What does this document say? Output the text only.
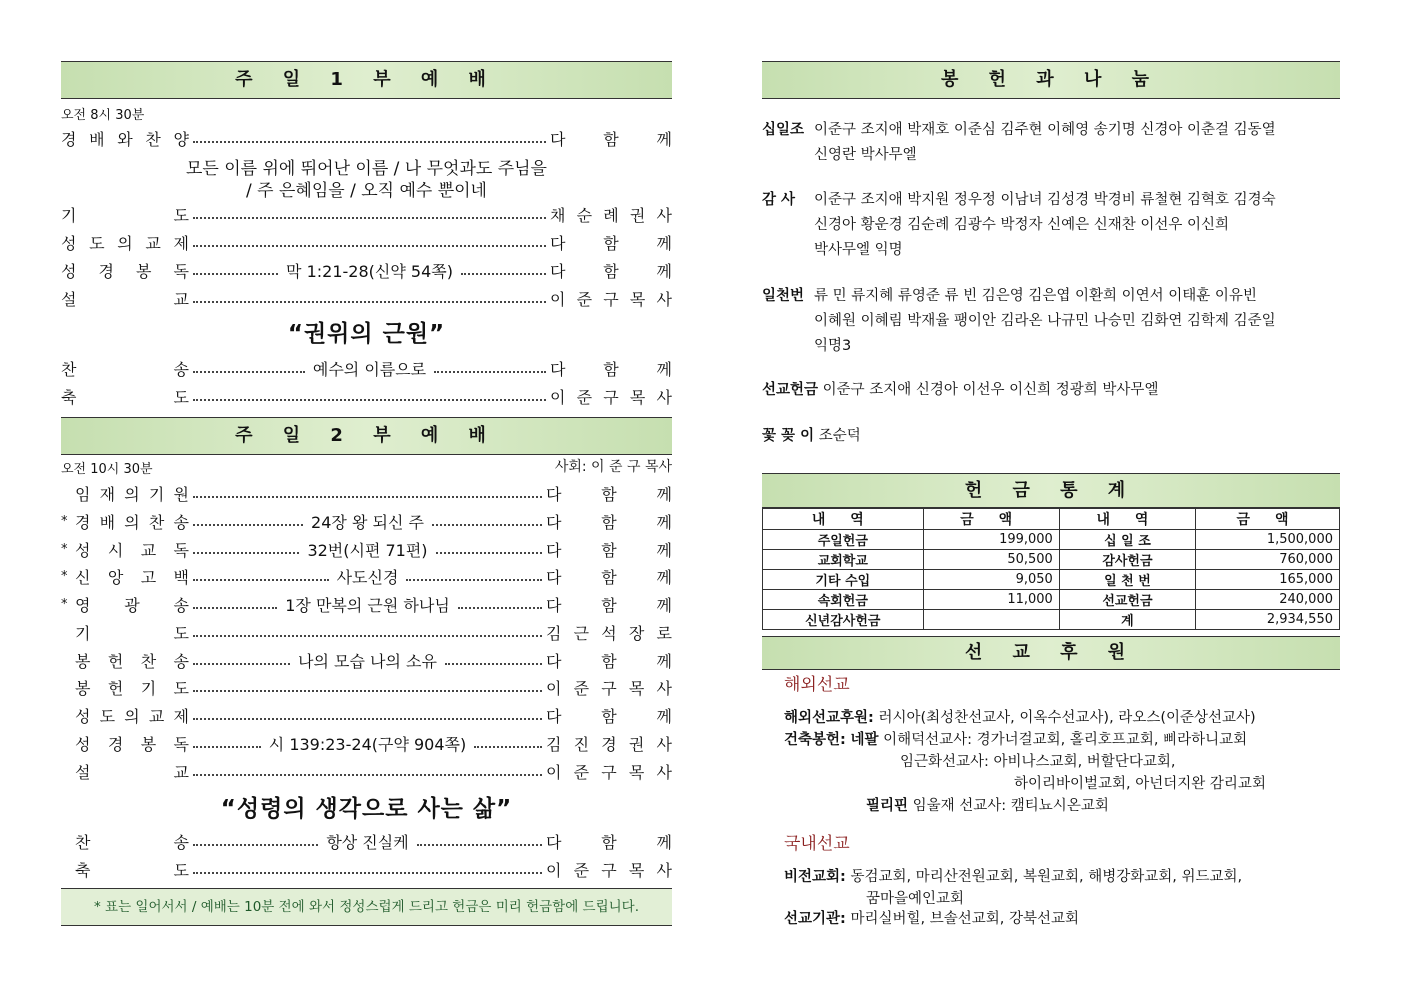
주 일 1 부 예 배
오전 8시 30분
경 배 와 찬 양	다 함 께
기	도	채 순 례 권 사
성 도 의 교 제	다 함 께
성 경 봉 독	막 1:21-28(신약 54쪽)	다 함 께
설	교	이 준 구 목 사
찬	송	예수의 이름으로	다 함 께
축	도	이 준 구 목 사
모든 이름 위에 뛰어난 이름 / 나 무엇과도 주님을
/ 주 은혜임을 / 오직 예수 뿐이네
“권위의 근원”
주 일 2 부 예 배
오전 10시 30분	사회: 이 준 구 목사
임 재 의 기 원	다 함 께
* 경 배 의 찬 송	24장 왕 되신 주	다 함 께
* 성 시 교 독	32번(시편 71편)	다 함 께
* 신 앙 고 백	사도신경	다 함 께
* 영 광 송	1장 만복의 근원 하나님	다 함 께
기	도	김 근 석 장 로
봉 헌 찬 송	나의 모습 나의 소유	다 함 께
봉 헌 기 도	이 준 구 목 사
성 도 의 교 제	다 함 께
성 경 봉 독	시 139:23-24(구약 904쪽)	김 진 경 권 사
설	교	이 준 구 목 사
찬	송	항상 진실케	다 함 께
축	도	이 준 구 목 사
“성령의 생각으로 사는 삶”
* 표는 일어서서 / 예배는 10분 전에 와서 정성스럽게 드리고 헌금은 미리 헌금함에 드립니다.
봉 헌 과 나 눔
십일조 이준구 조지애 박재호 이준심 김주현 이혜영 송기명 신경아 이춘걸 김동열
신영란 박사무엘
감 사 이준구 조지애 박지원 정우정 이남녀 김성경 박경비 류철현 김혁호 김경숙
신경아 황운경 김순례 김광수 박정자 신예은 신재찬 이선우 이신희
박사무엘 익명
일천번 류 민 류지혜 류영준 류 빈 김은영 김은엽 이환희 이연서 이태훈 이유빈
이혜원 이혜림 박재율 팽이안 김라온 나규민 나승민 김화연 김학제 김준일
익명3
선교헌금 이준구 조지애 신경아 이선우 이신희 정광희 박사무엘
꽃 꽂 이 조순덕
헌 금 통 계
내 역	금 액	내 역	금 액
주일헌금	199,000	십 일 조	1,500,000
교회학교	50,500	감사헌금	760,000
기타 수입	9,050	일 천 번	165,000
속회헌금	11,000	선교헌금	240,000
신년감사헌금		계	2,934,550
선 교 후 원
해외선교
해외선교후원: 러시아(최성찬선교사, 이옥수선교사), 라오스(이준상선교사)
건축봉헌: 네팔 이해덕선교사: 경가너걸교회, 홀리호프교회, 삐라하니교회
임근화선교사: 아비나스교회, 버할단다교회,
하이리바이벌교회, 아넌더지완 감리교회
필리핀 임울재 선교사: 캠티뇨시온교회
국내선교
비전교회: 동검교회, 마리산전원교회, 복원교회, 해병강화교회, 위드교회,
꿈마을예인교회
선교기관: 마리실버힐, 브솔선교회, 강북선교회
